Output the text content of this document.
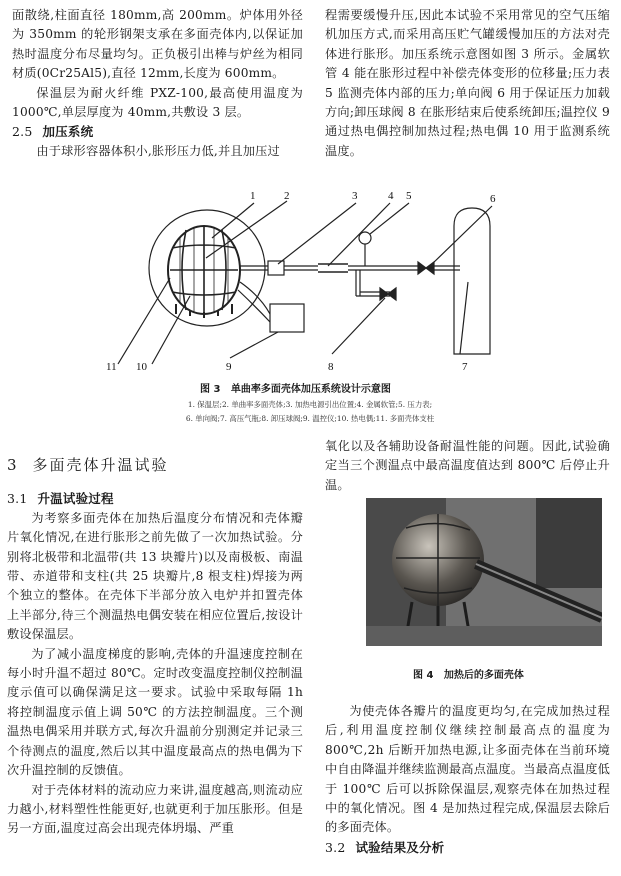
面散绕,柱面直径 180mm,高 200mm。炉体用外径为 350mm 的轮形钢架支承在多面壳体内,以保证加热时温度分布尽量均匀。正负极引出棒与炉丝为相同材质(0Cr25Al5),直径 12mm,长度为 600mm。

保温层为耐火纤维 PXZ-100,最高使用温度为 1000℃,单层厚度为 40mm,共敷设 3 层。

2.5 加压系统

由于球形容器体积小,胀形压力低,并且加压过

程需要缓慢升压,因此本试验不采用常见的空气压缩机加压方式,而采用高压贮气罐缓慢加压的方法对壳体进行胀形。加压系统示意图如图 3 所示。金属软管 4 能在胀形过程中补偿壳体变形的位移量;压力表 5 监测壳体内部的压力;单向阀 6 用于保证压力加载方向;卸压球阀 8 在胀形结束后使系统卸压;温控仪 9 通过热电偶控制加热过程;热电偶 10 用于监测系统温度。

1	2	3	4 5	6
7
8
9
10
11
图 3 单曲率多面壳体加压系统设计示意图
1. 保温层;2. 单曲率多面壳体;3. 加热电源引出位置;4. 金属软管;5. 压力表;
6. 单向阀;7. 高压气瓶;8. 卸压球阀;9. 温控仪;10. 热电偶;11. 多面壳体支柱

3 多面壳体升温试验

3.1 升温试验过程

为考察多面壳体在加热后温度分布情况和壳体瓣片氧化情况,在进行胀形之前先做了一次加热试验。分别将北极带和北温带(共 13 块瓣片)以及南极板、南温带、赤道带和支柱(共 25 块瓣片,8 根支柱)焊接为两个独立的整体。在壳体下半部分放入电炉并扣置壳体上半部分,待三个测温热电偶安装在相应位置后,按设计敷设保温层。

为了减小温度梯度的影响,壳体的升温速度控制在每小时升温不超过 80℃。定时改变温度控制仪控制温度示值可以确保满足这一要求。试验中采取每隔 1h 将控制温度示值上调 50℃ 的方法控制温度。三个测温热电偶采用并联方式,每次升温前分别测定并记录三个待测点的温度,然后以其中温度最高点的热电偶为下次升温控制的反馈值。

对于壳体材料的流动应力来讲,温度越高,则流动应力越小,材料塑性性能更好,也就更利于加压胀形。但是另一方面,温度过高会出现壳体坍塌、严重

氧化以及各辅助设备耐温性能的问题。因此,试验确定当三个测温点中最高温度值达到 800℃ 后停止升温。

图 4 加热后的多面壳体

为使壳体各瓣片的温度更均匀,在完成加热过程后,利用温度控制仪继续控制最高点的温度为 800℃,2h 后断开加热电源,让多面壳体在当前环境中自由降温并继续监测最高点温度。当最高点温度低于 100℃ 后可以拆除保温层,观察壳体在加热过程中的氧化情况。图 4 是加热过程完成,保温层去除后的多面壳体。

3.2 试验结果及分析
